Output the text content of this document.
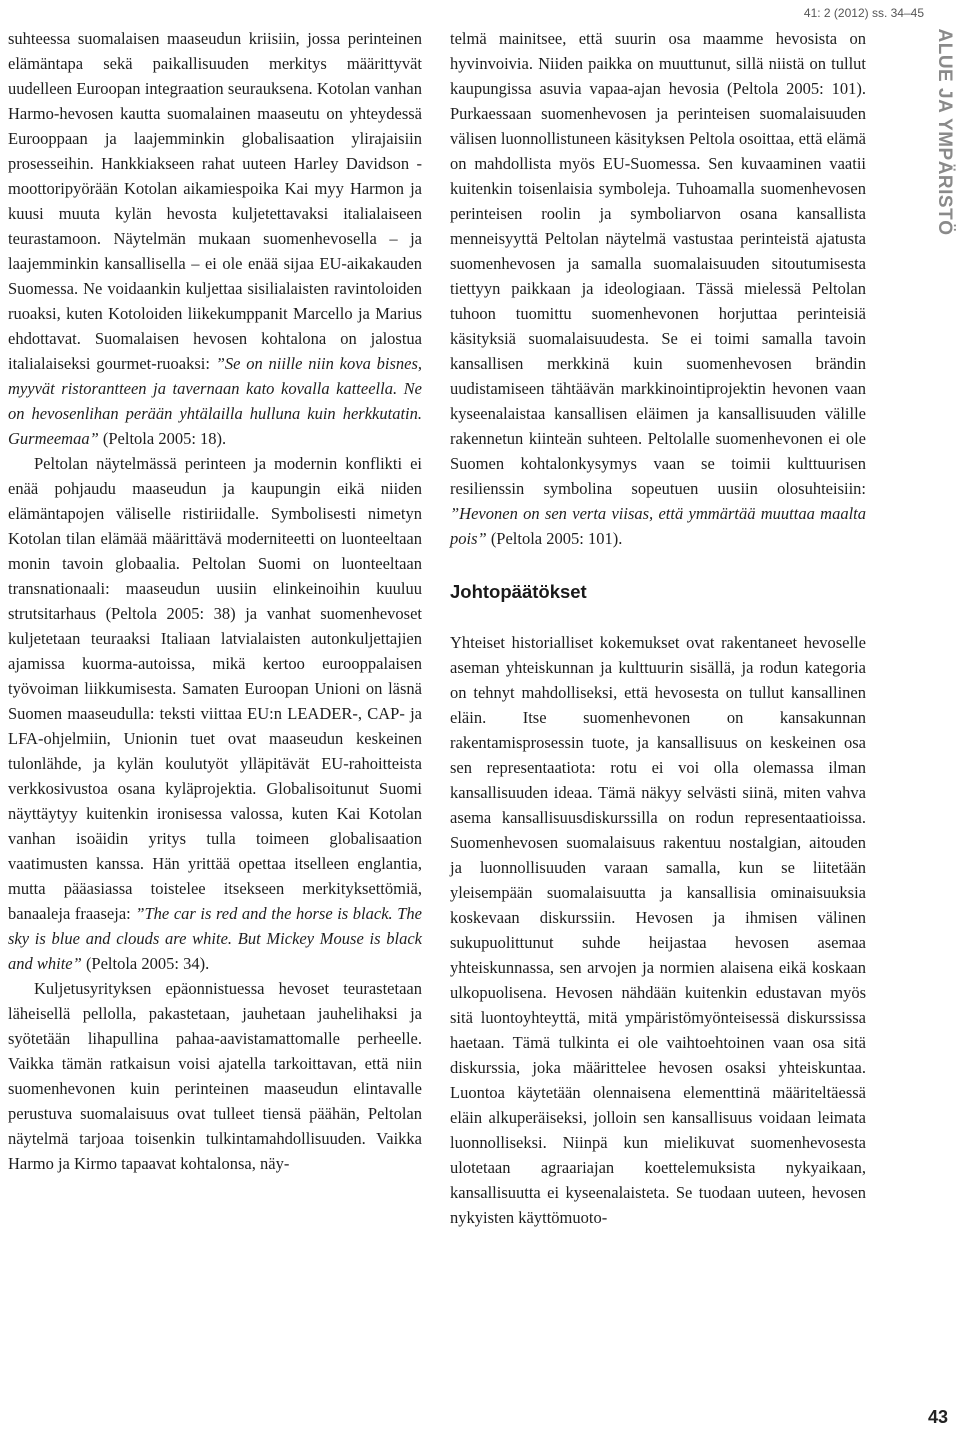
41: 2 (2012) ss. 34–45

ALUE JA YMPÄRISTÖ

suhteessa suomalaisen maaseudun kriisiin, jossa perinteinen elämäntapa sekä paikallisuuden merkitys määrittyvät uudelleen Euroopan integraation seurauksena. Kotolan vanhan Harmo-hevosen kautta suomalainen maaseutu on yhteydessä Eurooppaan ja laajemminkin globalisaation ylirajaisiin prosesseihin. Hankkiakseen rahat uuteen Harley Davidson -moottoripyörään Kotolan aikamiespoika Kai myy Harmon ja kuusi muuta kylän hevosta kuljetettavaksi italialaiseen teurastamoon. Näytelmän mukaan suomenhevosella – ja laajemminkin kansallisella – ei ole enää sijaa EU-aikakauden Suomessa. Ne voidaankin kuljettaa sisilialaisten ravintoloiden ruoaksi, kuten Kotoloiden liikekumppanit Marcello ja Marius ehdottavat. Suomalaisen hevosen kohtalona on jalostua italialaiseksi gourmet-ruoaksi: ”Se on niille niin kova bisnes, myyvät ristorantteen ja tavernaan kato kovalla katteella. Ne on hevosenlihan perään yhtälailla hulluna kuin herkkutatin. Gurmeemaa” (Peltola 2005: 18).

Peltolan näytelmässä perinteen ja modernin konflikti ei enää pohjaudu maaseudun ja kaupungin eikä niiden elämäntapojen väliselle ristiriidalle. Symbolisesti nimetyn Kotolan tilan elämää määrittävä moderniteetti on luonteeltaan monin tavoin globaalia. Peltolan Suomi on luonteeltaan transnationaali: maaseudun uusiin elinkeinoihin kuuluu strutsitarhaus (Peltola 2005: 38) ja vanhat suomenhevoset kuljetetaan teuraaksi Italiaan latvialaisten autonkuljettajien ajamissa kuorma-autoissa, mikä kertoo eurooppalaisen työvoiman liikkumisesta. Samaten Euroopan Unioni on läsnä Suomen maaseudulla: teksti viittaa EU:n LEADER-, CAP- ja LFA-ohjelmiin, Unionin tuet ovat maaseudun keskeinen tulonlähde, ja kylän koulutyöt ylläpitävät EU-rahoitteista verkkosivustoa osana kyläprojektia. Globalisoitunut Suomi näyttäytyy kuitenkin ironisessa valossa, kuten Kai Kotolan vanhan isoäidin yritys tulla toimeen globalisaation vaatimusten kanssa. Hän yrittää opettaa itselleen englantia, mutta pääasiassa toistelee itsekseen merkityksettömiä, banaaleja fraaseja: ”The car is red and the horse is black. The sky is blue and clouds are white. But Mickey Mouse is black and white” (Peltola 2005: 34).

Kuljetusyrityksen epäonnistuessa hevoset teurastetaan läheisellä pellolla, pakastetaan, jauhetaan jauhelihaksi ja syötetään lihapullina pahaa-aavistamattomalle perheelle. Vaikka tämän ratkaisun voisi ajatella tarkoittavan, että niin suomenhevonen kuin perinteinen maaseudun elintavalle perustuva suomalaisuus ovat tulleet tiensä päähän, Peltolan näytelmä tarjoaa toisenkin tulkintamahdollisuuden. Vaikka Harmo ja Kirmo tapaavat kohtalonsa, näy-

telmä mainitsee, että suurin osa maamme hevosista on hyvinvoivia. Niiden paikka on muuttunut, sillä niistä on tullut kaupungissa asuvia vapaa-ajan hevosia (Peltola 2005: 101). Purkaessaan suomenhevosen ja perinteisen suomalaisuuden välisen luonnollistuneen käsityksen Peltola osoittaa, että elämä on mahdollista myös EU-Suomessa. Sen kuvaaminen vaatii kuitenkin toisenlaisia symboleja. Tuhoamalla suomenhevosen perinteisen roolin ja symboliarvon osana kansallista menneisyyttä Peltolan näytelmä vastustaa perinteistä ajatusta suomenhevosen ja samalla suomalaisuuden sitoutumisesta tiettyyn paikkaan ja ideologiaan. Tässä mielessä Peltolan tuhoon tuomittu suomenhevonen horjuttaa perinteisiä käsityksiä suomalaisuudesta. Se ei toimi samalla tavoin kansallisen merkkinä kuin suomenhevosen brändin uudistamiseen tähtäävän markkinointiprojektin hevonen vaan kyseenalaistaa kansallisen eläimen ja kansallisuuden välille rakennetun kiinteän suhteen. Peltolalle suomenhevonen ei ole Suomen kohtalonkysymys vaan se toimii kulttuurisen resilienssin symbolina sopeutuen uusiin olosuhteisiin: ”Hevonen on sen verta viisas, että ymmärtää muuttaa maalta pois” (Peltola 2005: 101).

Johtopäätökset

Yhteiset historialliset kokemukset ovat rakentaneet hevoselle aseman yhteiskunnan ja kulttuurin sisällä, ja rodun kategoria on tehnyt mahdolliseksi, että hevosesta on tullut kansallinen eläin. Itse suomenhevonen on kansakunnan rakentamisprosessin tuote, ja kansallisuus on keskeinen osa sen representaatiota: rotu ei voi olla olemassa ilman kansallisuuden ideaa. Tämä näkyy selvästi siinä, miten vahva asema kansallisuusdiskurssilla on rodun representaatioissa. Suomenhevosen suomalaisuus rakentuu nostalgian, aitouden ja luonnollisuuden varaan samalla, kun se liitetään yleisempään suomalaisuutta ja kansallisia ominaisuuksia koskevaan diskurssiin. Hevosen ja ihmisen välinen sukupuolittunut suhde heijastaa hevosen asemaa yhteiskunnassa, sen arvojen ja normien alaisena eikä koskaan ulkopuolisena. Hevosen nähdään kuitenkin edustavan myös sitä luontoyhteyttä, mitä ympäristömyönteisessä diskurssissa haetaan. Tämä tulkinta ei ole vaihtoehtoinen vaan osa sitä diskurssia, joka määrittelee hevosen osaksi yhteiskuntaa. Luontoa käytetään olennaisena elementtinä määriteltäessä eläin alkuperäiseksi, jolloin sen kansallisuus voidaan leimata luonnolliseksi. Niinpä kun mielikuvat suomenhevosesta ulotetaan agraariajan koettelemuksista nykyaikaan, kansallisuutta ei kyseenalaisteta. Se tuodaan uuteen, hevosen nykyisten käyttömuoto-

43
